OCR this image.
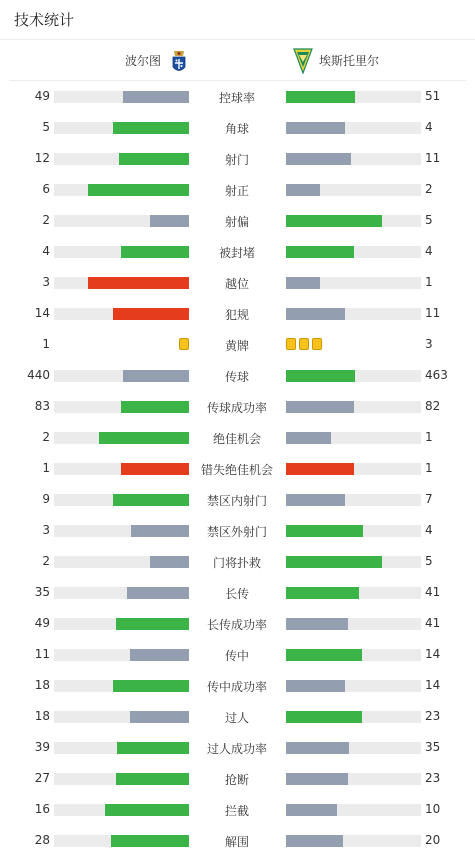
技术统计
波尔图	埃斯托里尔
49	控球率	51
5	角球	4
12	射门	11
6	射正	2
2	射偏	5
4	被封堵	4
3	越位	1
14	犯规	11
1	黄牌	3
440	传球	463
83	传球成功率	82
2	绝佳机会	1
1	错失绝佳机会	1
9	禁区内射门	7
3	禁区外射门	4
2	门将扑救	5
35	长传	41
49	长传成功率	41
11	传中	14
18	传中成功率	14
18	过人	23
39	过人成功率	35
27	抢断	23
16	拦截	10
28	解围	20
